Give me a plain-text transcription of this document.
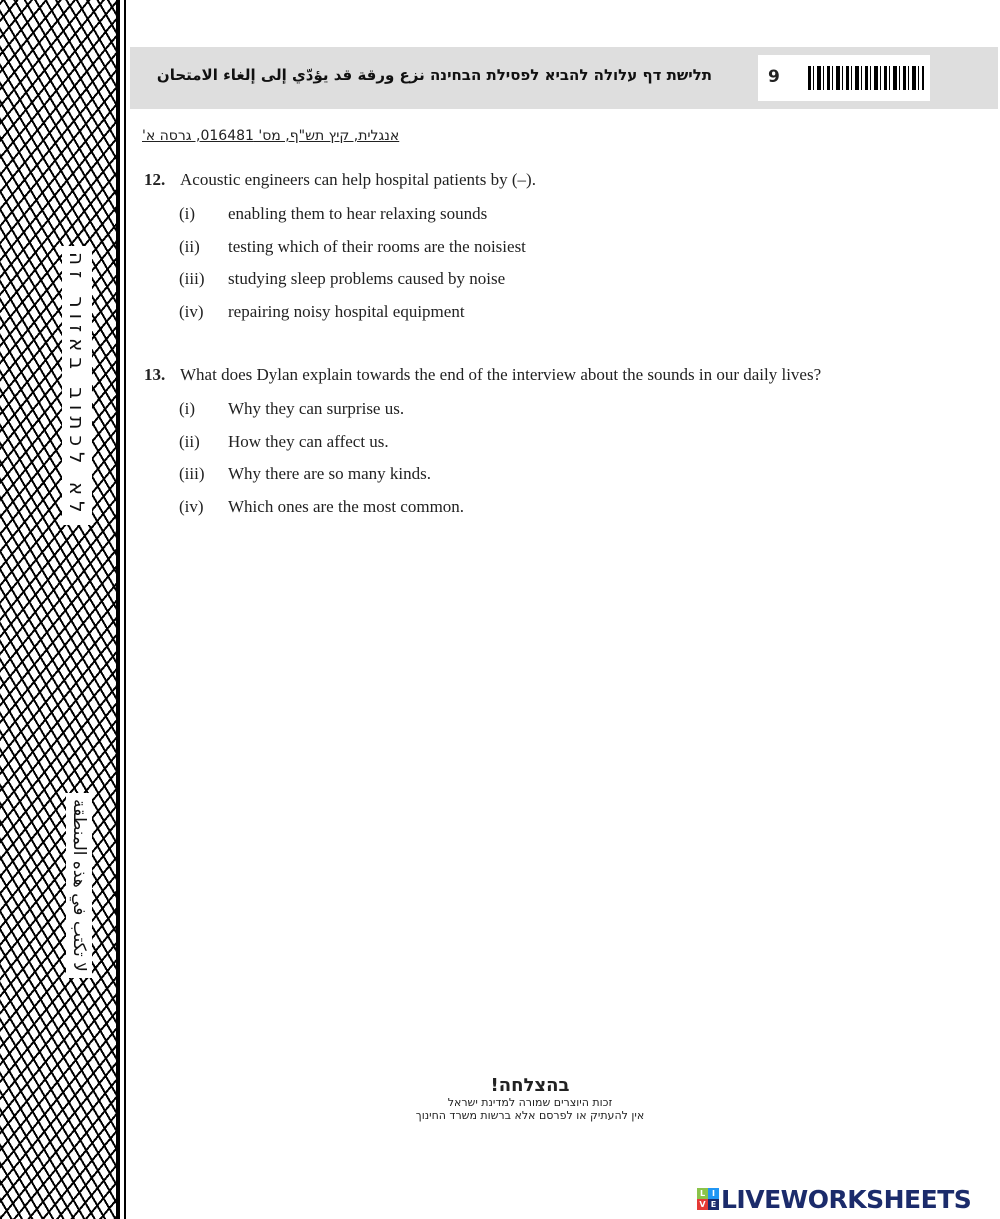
לא לכתוב באזור זה
لا تكتب في هذه المنطقة
תלישת דף עלולה להביא לפסילת הבחינה نزع ورقة قد يؤدّي إلى إلغاء الامتحان	9
אנגלית, קיץ תש"ף, מס' 016481, גרסה א'
12. Acoustic engineers can help hospital patients by (–).
(i) enabling them to hear relaxing sounds
(ii) testing which of their rooms are the noisiest
(iii) studying sleep problems caused by noise
(iv) repairing noisy hospital equipment
13. What does Dylan explain towards the end of the interview about the sounds in our daily lives?
(i) Why they can surprise us.
(ii) How they can affect us.
(iii) Why there are so many kinds.
(iv) Which ones are the most common.
בהצלחה!
זכות היוצרים שמורה למדינת ישראל
אין להעתיק או לפרסם אלא ברשות משרד החינוך
L I
V E LIVEWORKSHEETS
